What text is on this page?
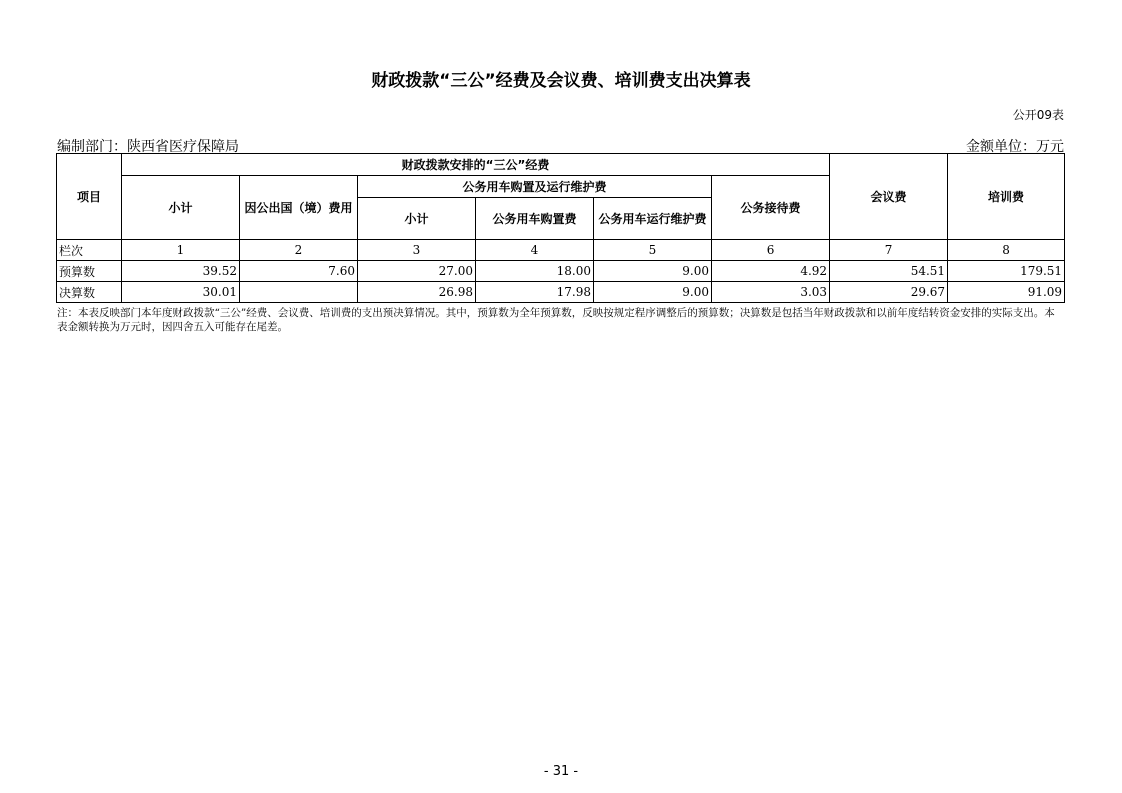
财政拨款“三公”经费及会议费、培训费支出决算表
公开09表
编制部门：陕西省医疗保障局	金额单位：万元
项目	财政拨款安排的“三公”经费						会议费	培训费
	小计	因公出国（境）费用	公务用车购置及运行维护费			公务接待费		
			小计	公务用车购置费	公务用车运行维护费			
栏次	1	2	3	4	5	6	7	8
预算数	39.52	7.60	27.00	18.00	9.00	4.92	54.51	179.51
决算数	30.01		26.98	17.98	9.00	3.03	29.67	91.09
注：本表反映部门本年度财政拨款“三公”经费、会议费、培训费的支出预决算情况。其中，预算数为全年预算数，反映按规定程序调整后的预算数；决算数是包括当年财政拨款和以前年度结转资金安排的实际支出。本表金额转换为万元时，因四舍五入可能存在尾差。
- 31 -
